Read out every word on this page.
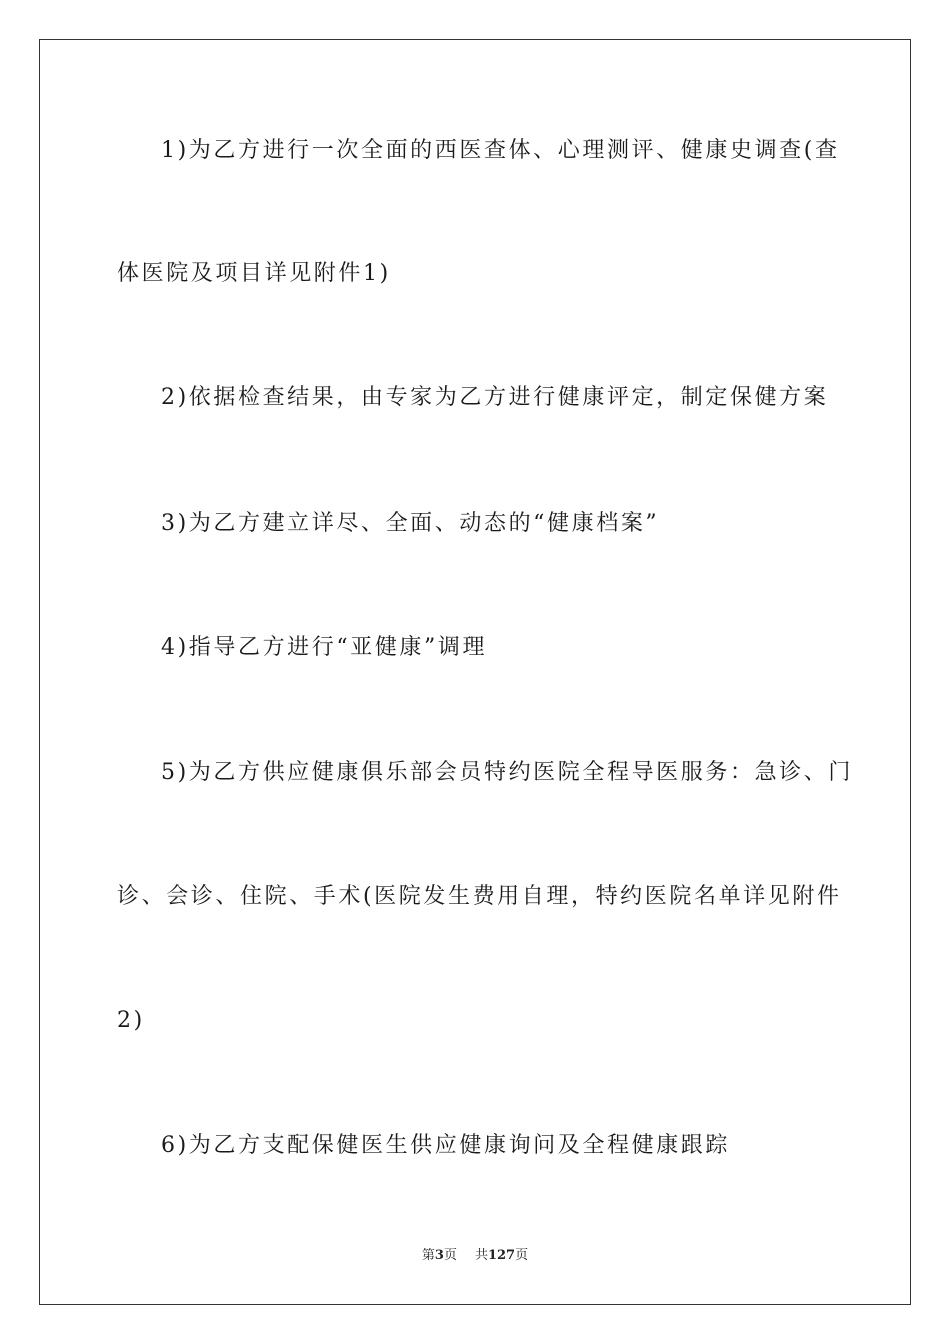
1)为乙方进行一次全面的西医查体、心理测评、健康史调查(查
体医院及项目详见附件1)
2)依据检查结果，由专家为乙方进行健康评定，制定保健方案
3)为乙方建立详尽、全面、动态的“健康档案”
4)指导乙方进行“亚健康”调理
5)为乙方供应健康俱乐部会员特约医院全程导医服务：急诊、门
诊、会诊、住院、手术(医院发生费用自理，特约医院名单详见附件
2)
6)为乙方支配保健医生供应健康询问及全程健康跟踪
第3页 共127页
